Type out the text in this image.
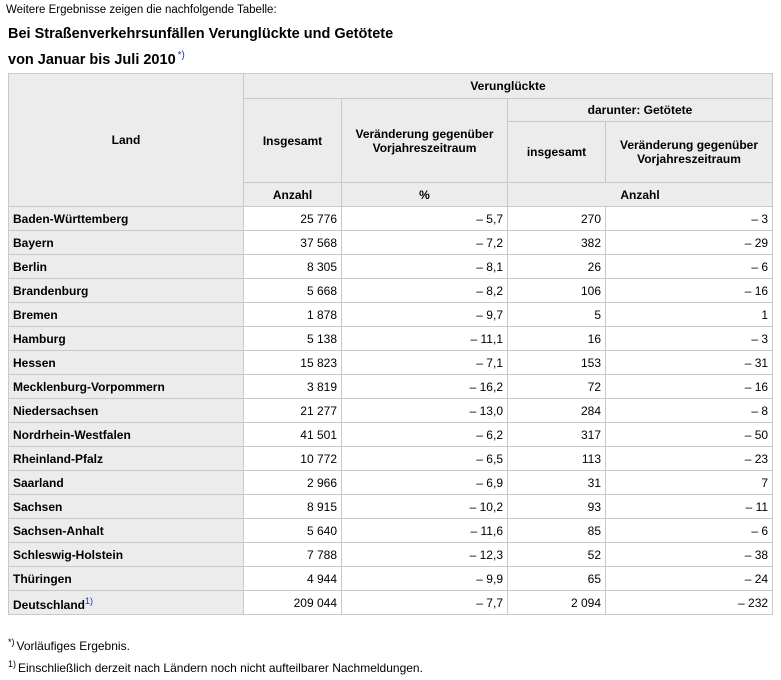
Weitere Ergebnisse zeigen die nachfolgende Tabelle:
Bei Straßenverkehrsunfällen Verunglückte und Getötete
von Januar bis Juli 2010 *)
Land	Verunglückte			
	Insgesamt	Veränderung gegenüber Vorjahreszeitraum	darunter: Getötete	
			insgesamt	Veränderung gegenüber Vorjahreszeitraum
	Anzahl	%	Anzahl	
Baden-Württemberg	25 776	– 5,7	270	– 3
Bayern	37 568	– 7,2	382	– 29
Berlin	8 305	– 8,1	26	– 6
Brandenburg	5 668	– 8,2	106	– 16
Bremen	1 878	– 9,7	5	1
Hamburg	5 138	– 11,1	16	– 3
Hessen	15 823	– 7,1	153	– 31
Mecklenburg-Vorpommern	3 819	– 16,2	72	– 16
Niedersachsen	21 277	– 13,0	284	– 8
Nordrhein-Westfalen	41 501	– 6,2	317	– 50
Rheinland-Pfalz	10 772	– 6,5	113	– 23
Saarland	2 966	– 6,9	31	7
Sachsen	8 915	– 10,2	93	– 11
Sachsen-Anhalt	5 640	– 11,6	85	– 6
Schleswig-Holstein	7 788	– 12,3	52	– 38
Thüringen	4 944	– 9,9	65	– 24
Deutschland$^{1)}$	209 044	– 7,7	2 094	– 232
*) Vorläufiges Ergebnis.
$^{1)}$ Einschließlich derzeit nach Ländern noch nicht aufteilbarer Nachmeldungen.
